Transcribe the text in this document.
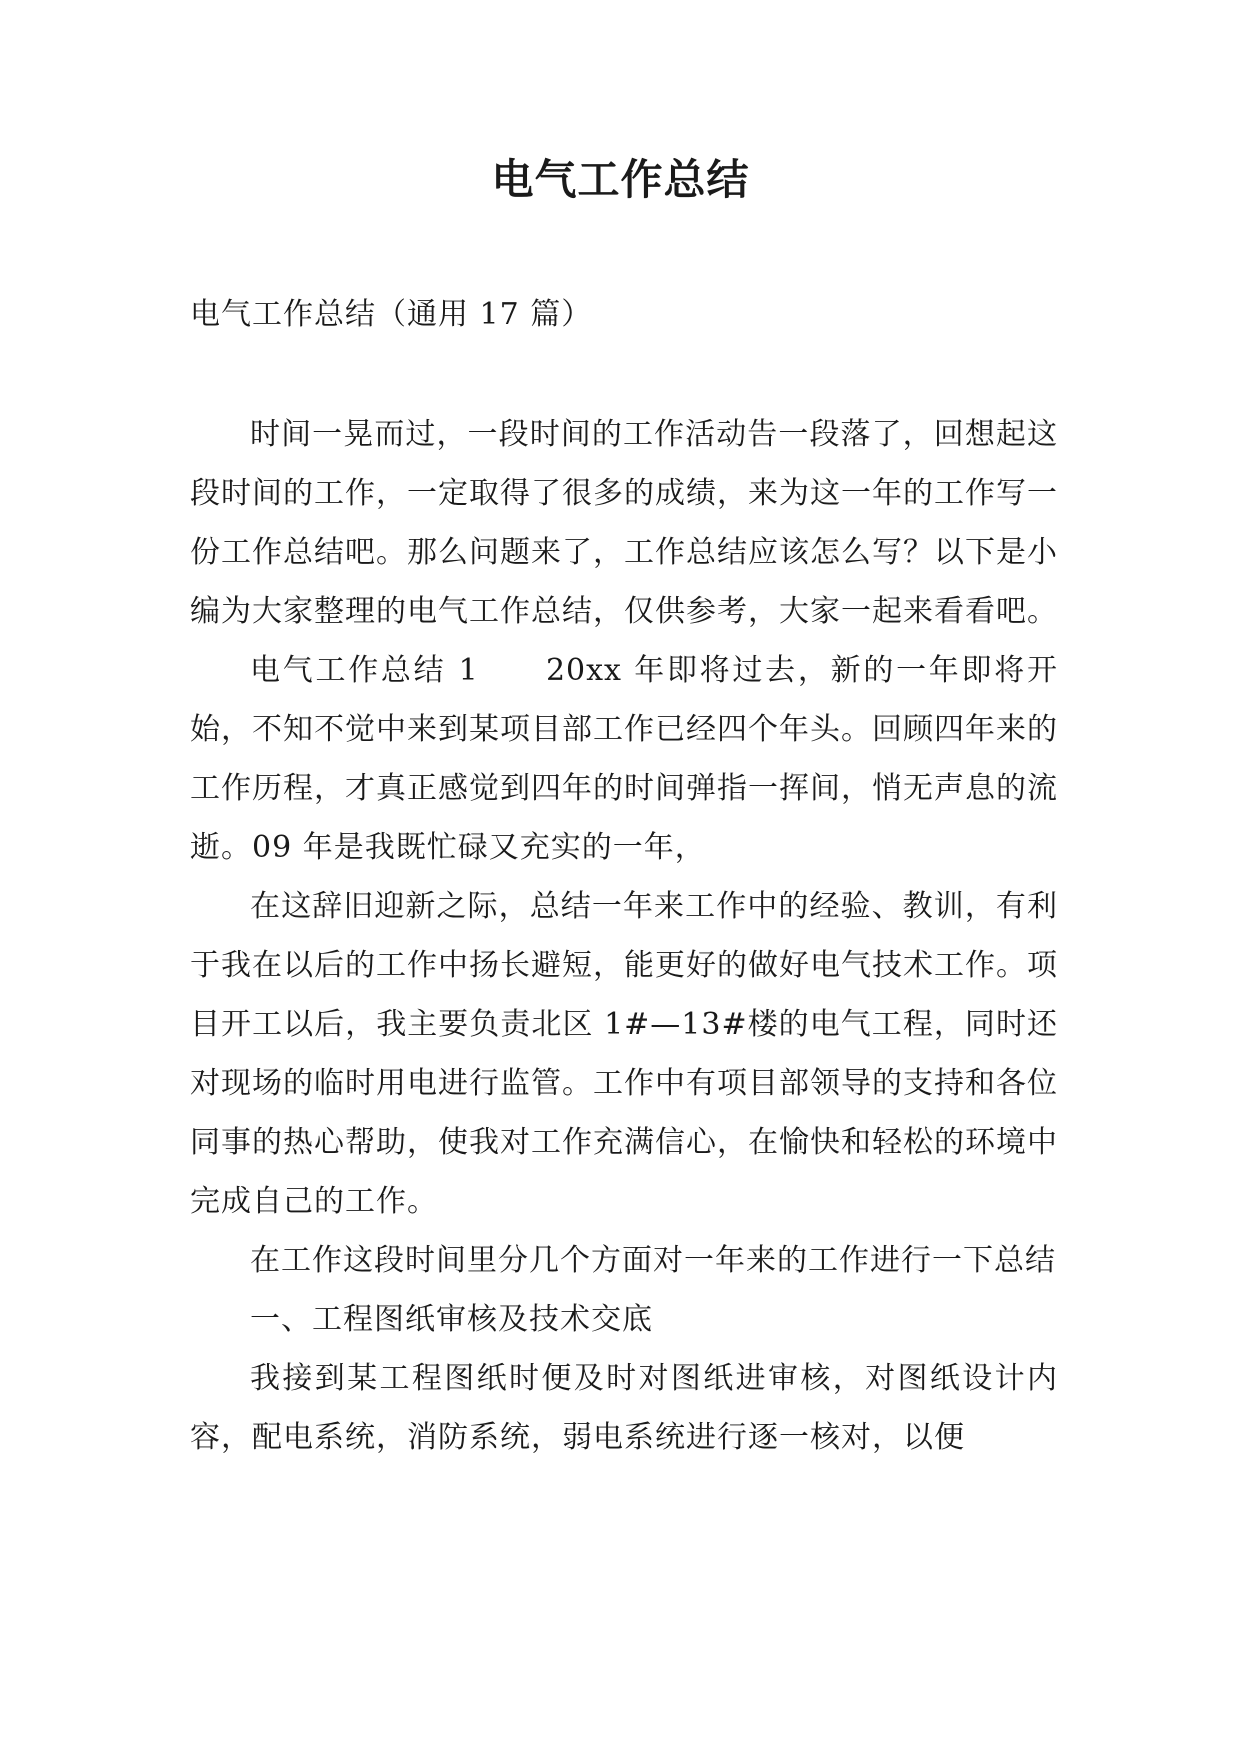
电气工作总结

电气工作总结（通用 17 篇）

时间一晃而过，一段时间的工作活动告一段落了，回想起这段时间的工作，一定取得了很多的成绩，来为这一年的工作写一份工作总结吧。那么问题来了，工作总结应该怎么写？以下是小编为大家整理的电气工作总结，仅供参考，大家一起来看看吧。

电气工作总结 1　　20xx 年即将过去，新的一年即将开始，不知不觉中来到某项目部工作已经四个年头。回顾四年来的工作历程，才真正感觉到四年的时间弹指一挥间，悄无声息的流逝。09 年是我既忙碌又充实的一年，

在这辞旧迎新之际，总结一年来工作中的经验、教训，有利于我在以后的工作中扬长避短，能更好的做好电气技术工作。项目开工以后，我主要负责北区 1#—13#楼的电气工程，同时还对现场的临时用电进行监管。工作中有项目部领导的支持和各位同事的热心帮助，使我对工作充满信心，在愉快和轻松的环境中完成自己的工作。

在工作这段时间里分几个方面对一年来的工作进行一下总结

一、工程图纸审核及技术交底

我接到某工程图纸时便及时对图纸进审核，对图纸设计内容，配电系统，消防系统，弱电系统进行逐一核对，以便
